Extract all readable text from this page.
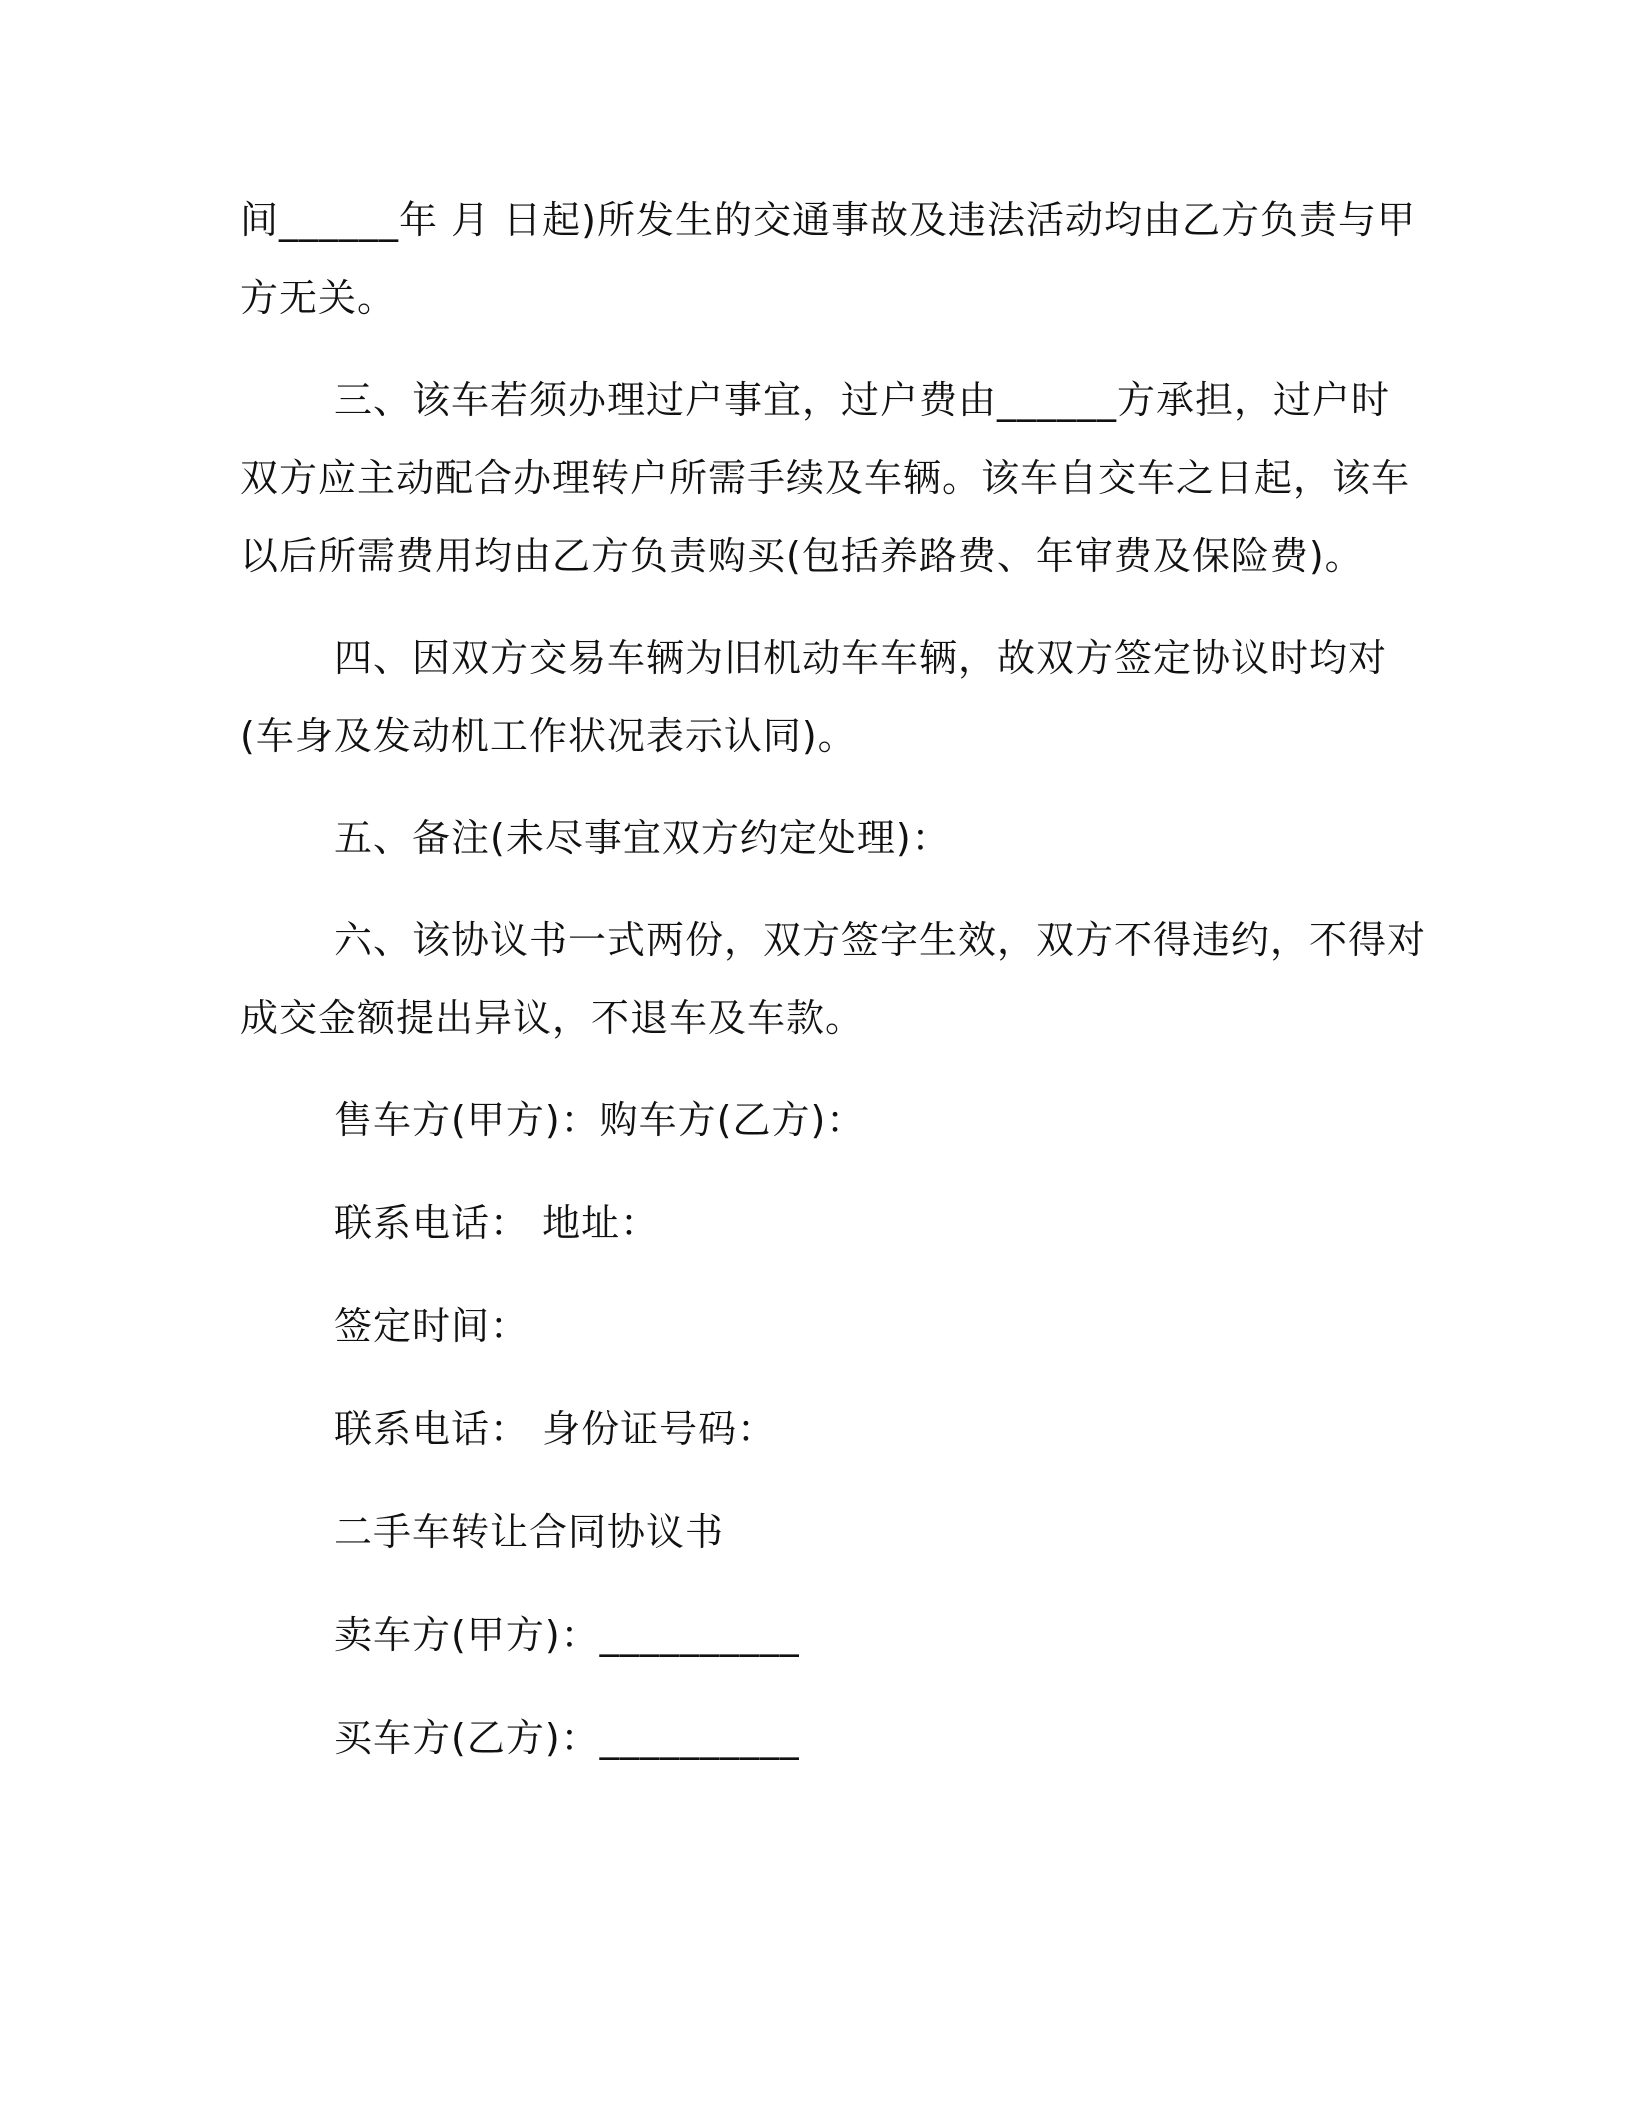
间______年 月 日起)所发生的交通事故及违法活动均由乙方负责与甲
方无关。
三、该车若须办理过户事宜，过户费由______方承担，过户时
双方应主动配合办理转户所需手续及车辆。该车自交车之日起，该车
以后所需费用均由乙方负责购买(包括养路费、年审费及保险费)。
四、因双方交易车辆为旧机动车车辆，故双方签定协议时均对
(车身及发动机工作状况表示认同)。
五、备注(未尽事宜双方约定处理)：
六、该协议书一式两份，双方签字生效，双方不得违约，不得对
成交金额提出异议，不退车及车款。
售车方(甲方)：购车方(乙方)：
联系电话： 地址：
签定时间：
联系电话： 身份证号码：
二手车转让合同协议书
卖车方(甲方)：__________
买车方(乙方)：__________
